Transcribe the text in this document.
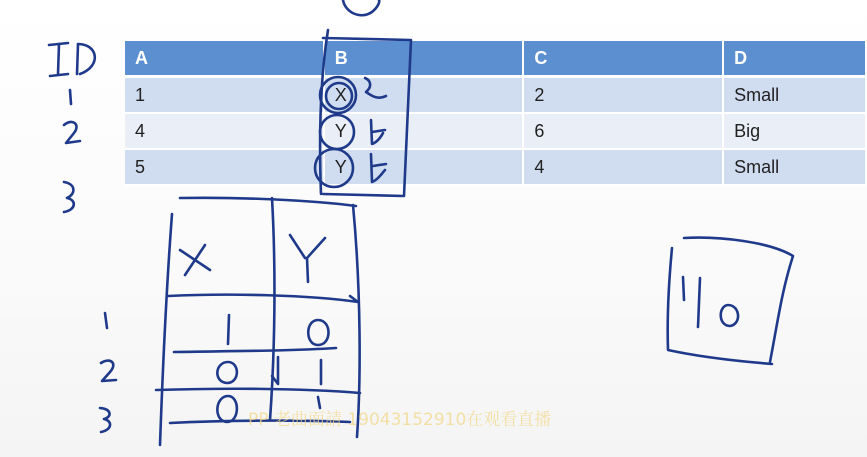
A	B	C	D
1	X	2	Small
4	Y	6	Big
5	Y	4	Small
PP 老曲面請 19043152910在观看直播
